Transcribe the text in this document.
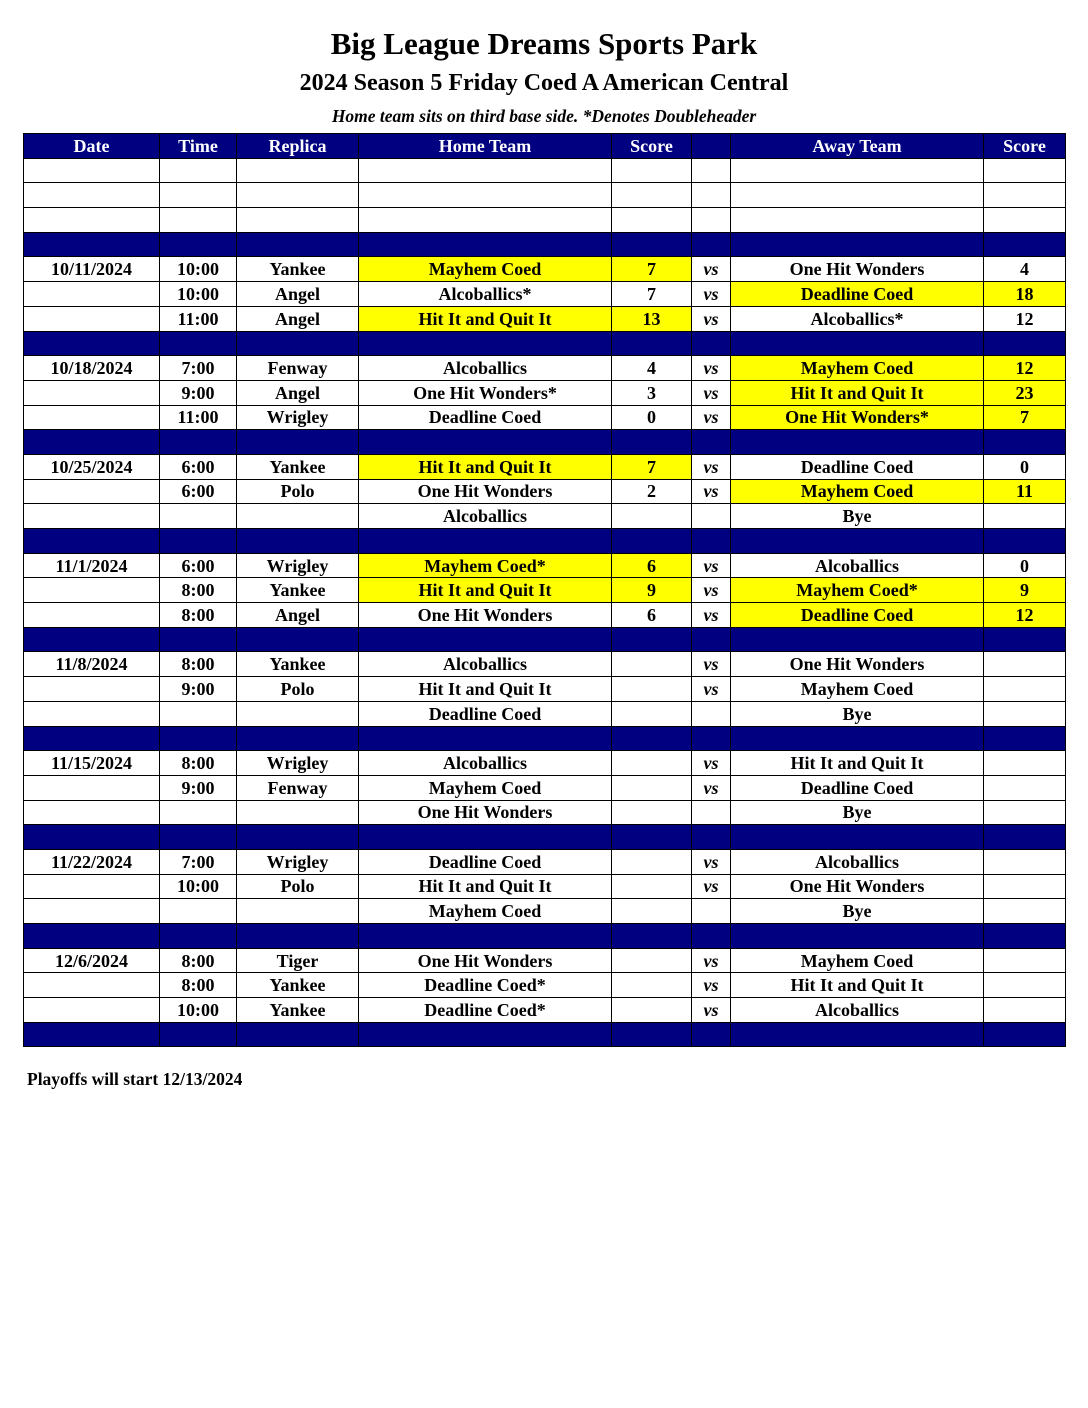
Big League Dreams Sports Park
2024 Season 5 Friday Coed A American Central
Home team sits on third base side. *Denotes Doubleheader
Date	Time	Replica	Home Team	Score		Away Team	Score

10/11/2024	10:00	Yankee	Mayhem Coed	7	vs	One Hit Wonders	4
	10:00	Angel	Alcoballics*	7	vs	Deadline Coed	18
	11:00	Angel	Hit It and Quit It	13	vs	Alcoballics*	12

10/18/2024	7:00	Fenway	Alcoballics	4	vs	Mayhem Coed	12
	9:00	Angel	One Hit Wonders*	3	vs	Hit It and Quit It	23
	11:00	Wrigley	Deadline Coed	0	vs	One Hit Wonders*	7

10/25/2024	6:00	Yankee	Hit It and Quit It	7	vs	Deadline Coed	0
	6:00	Polo	One Hit Wonders	2	vs	Mayhem Coed	11
			Alcoballics			Bye	

11/1/2024	6:00	Wrigley	Mayhem Coed*	6	vs	Alcoballics	0
	8:00	Yankee	Hit It and Quit It	9	vs	Mayhem Coed*	9
	8:00	Angel	One Hit Wonders	6	vs	Deadline Coed	12

11/8/2024	8:00	Yankee	Alcoballics		vs	One Hit Wonders	
	9:00	Polo	Hit It and Quit It		vs	Mayhem Coed	
			Deadline Coed			Bye	

11/15/2024	8:00	Wrigley	Alcoballics		vs	Hit It and Quit It	
	9:00	Fenway	Mayhem Coed		vs	Deadline Coed	
			One Hit Wonders			Bye	

11/22/2024	7:00	Wrigley	Deadline Coed		vs	Alcoballics	
	10:00	Polo	Hit It and Quit It		vs	One Hit Wonders	
			Mayhem Coed			Bye	

12/6/2024	8:00	Tiger	One Hit Wonders		vs	Mayhem Coed	
	8:00	Yankee	Deadline Coed*		vs	Hit It and Quit It	
	10:00	Yankee	Deadline Coed*		vs	Alcoballics	

Playoffs will start 12/13/2024
